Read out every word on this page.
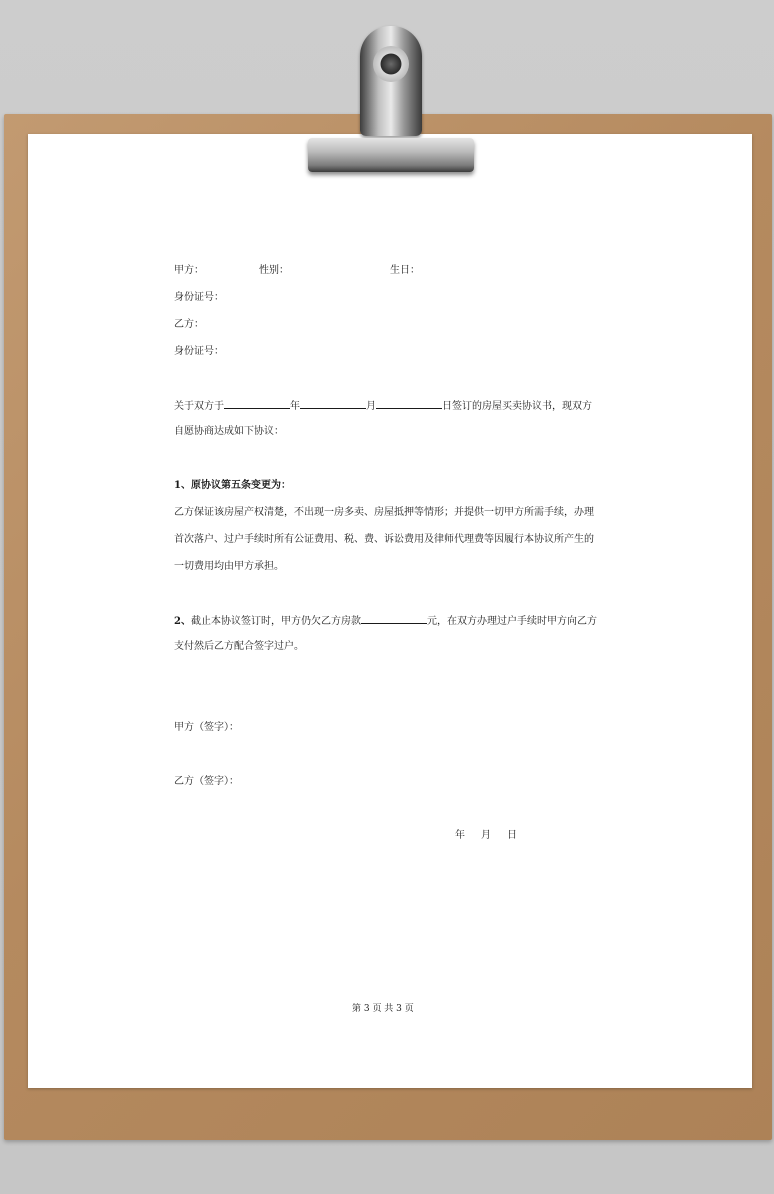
甲方：	性别：	生日：
身份证号：
乙方：
身份证号：
关于双方于	年	月	日签订的房屋买卖协议书，现双方
自愿协商达成如下协议：
1、原协议第五条变更为：
乙方保证该房屋产权清楚，不出现一房多卖、房屋抵押等情形；并提供一切甲方所需手续，办理
首次落户、过户手续时所有公证费用、税、费、诉讼费用及律师代理费等因履行本协议所产生的
一切费用均由甲方承担。
2、截止本协议签订时，甲方仍欠乙方房款	元，在双方办理过户手续时甲方向乙方
支付然后乙方配合签字过户。
甲方（签字）：
乙方（签字）：
年 月 日
第 3 页 共 3 页
